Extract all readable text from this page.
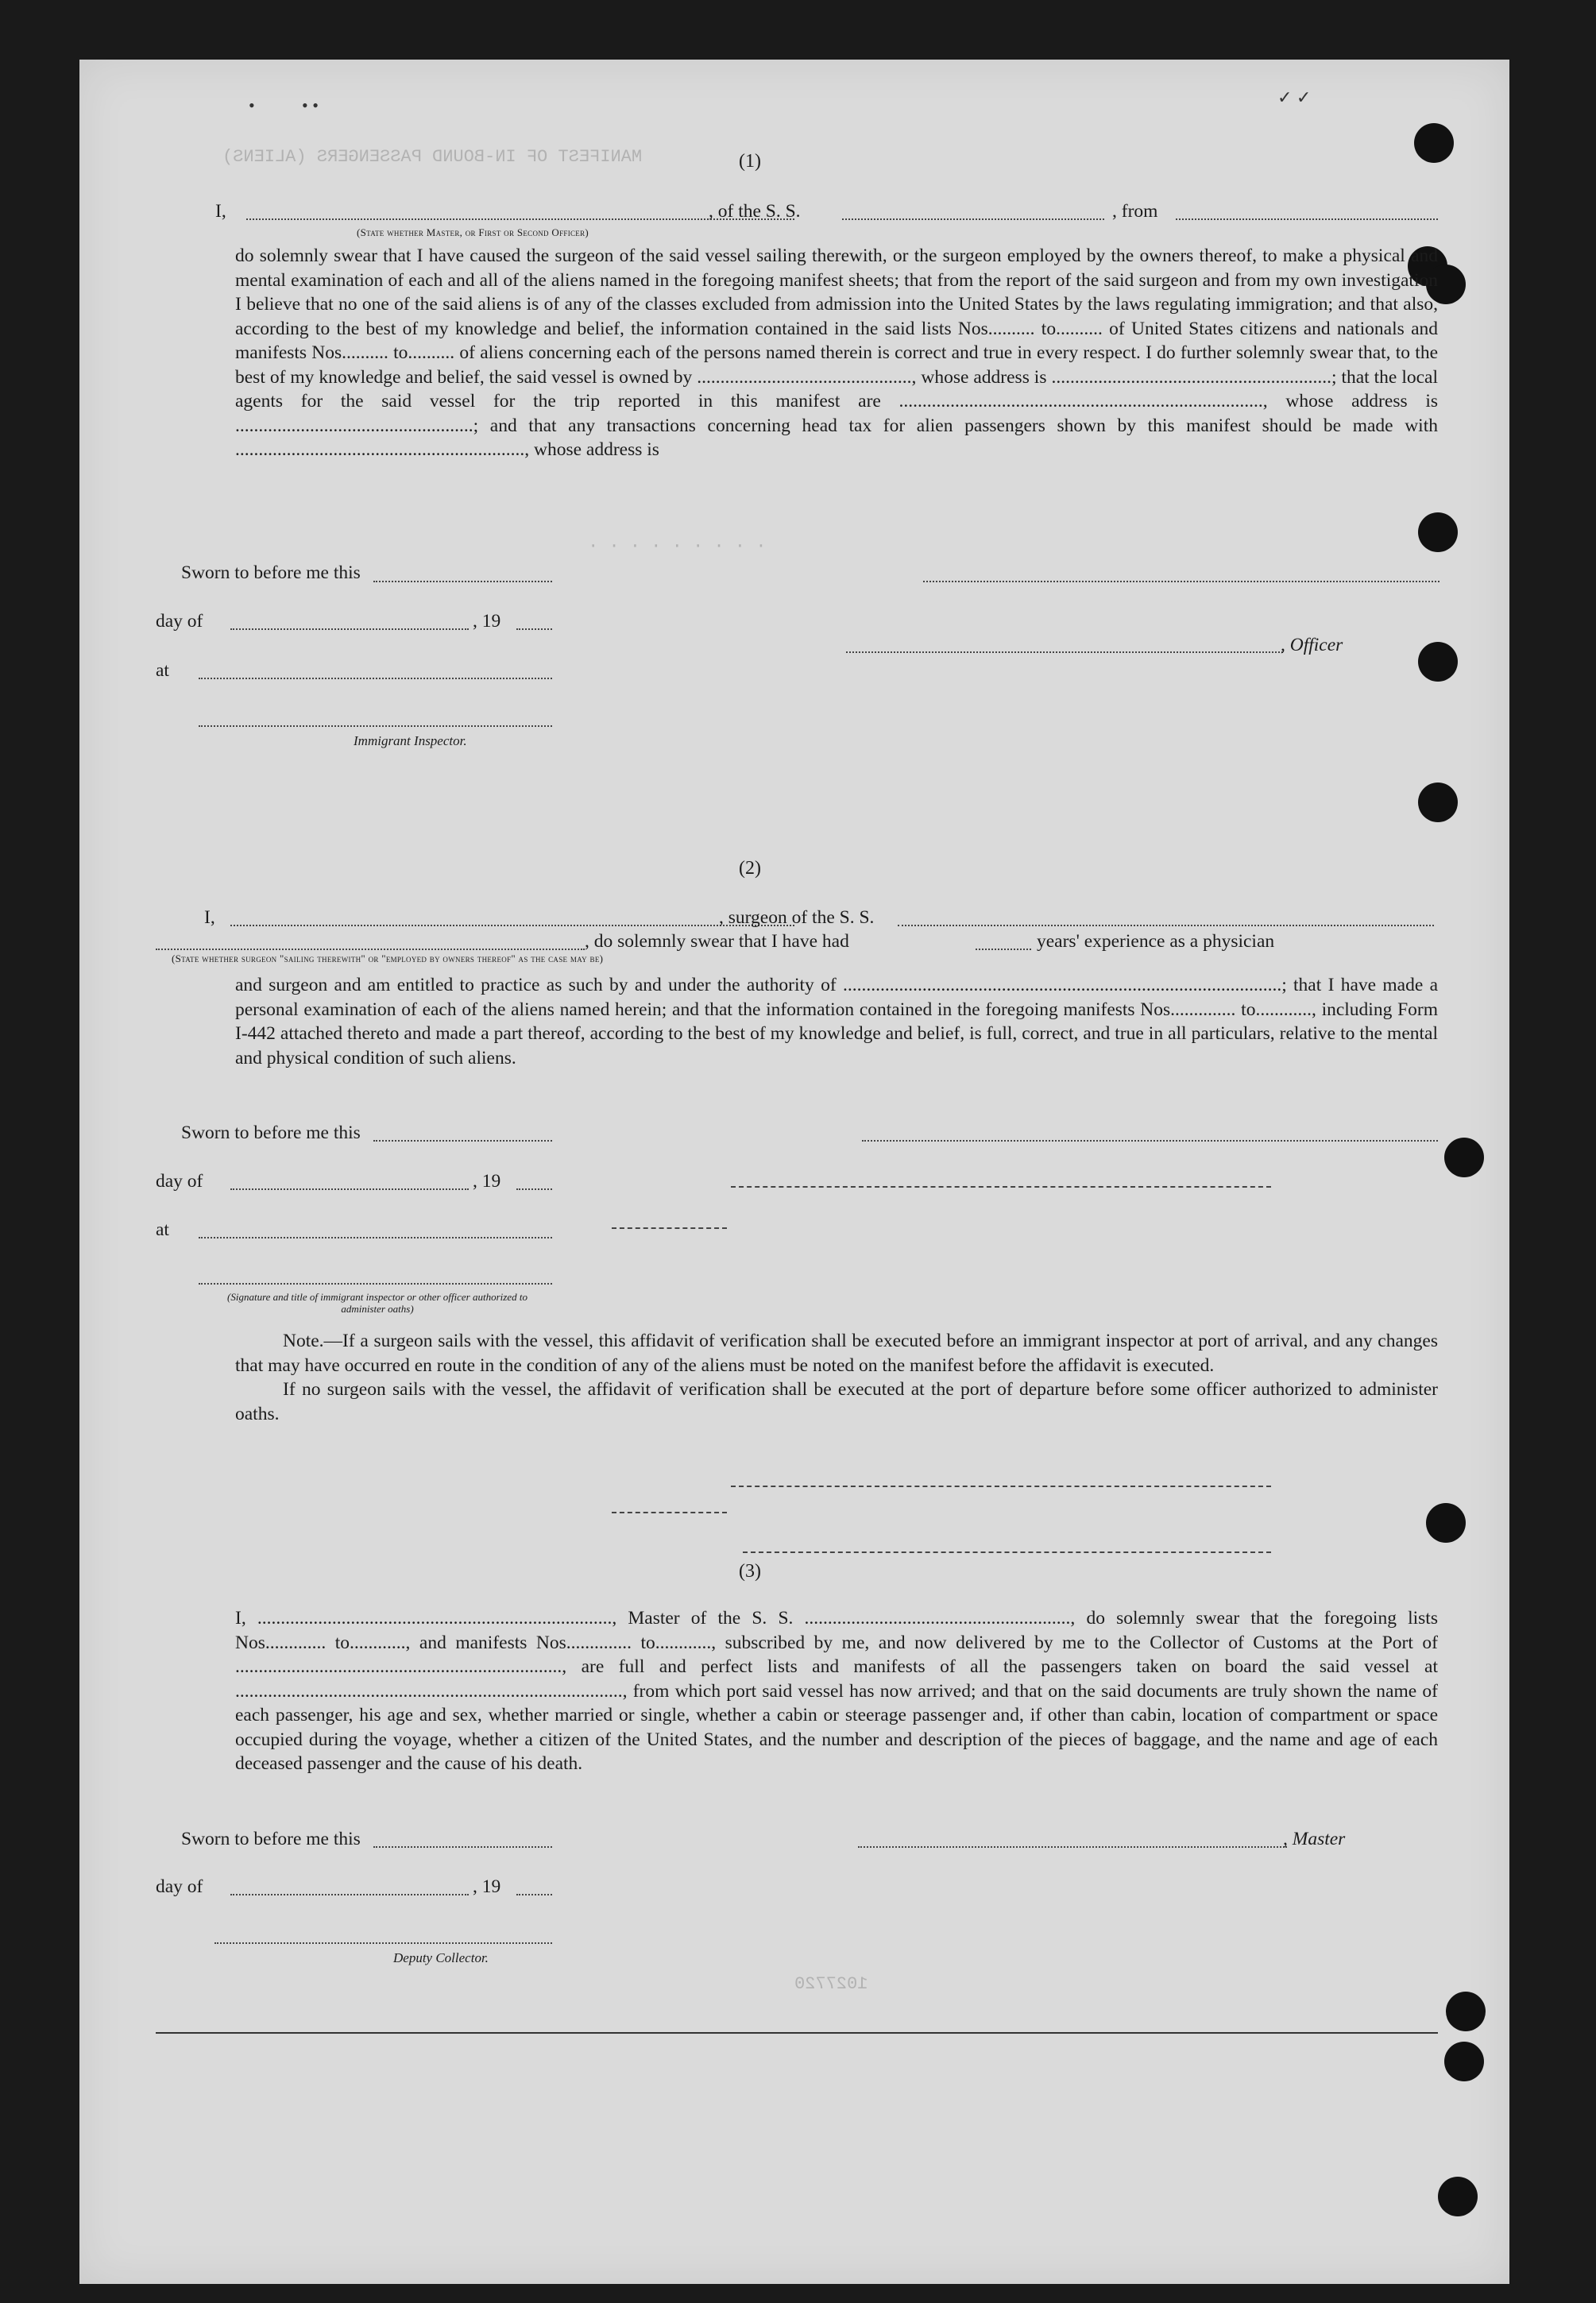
MANIFEST OF IN-BOUND PASSENGERS (ALIENS)
· · · · · · · · ·
1027720
(1)
I,	, of the S. S.	, from
(State whether Master, or First or Second Officer)

do solemnly swear that I have caused the surgeon of the said vessel sailing therewith, or the surgeon employed by the owners thereof, to make a physical and mental examination of each and all of the aliens named in the foregoing manifest sheets; that from the report of the said surgeon and from my own investigation I believe that no one of the said aliens is of any of the classes excluded from admission into the United States by the laws regulating immigration; and that also, according to the best of my knowledge and belief, the information contained in the said lists Nos.......... to.......... of United States citizens and nationals and manifests Nos.......... to.......... of aliens concerning each of the persons named therein is correct and true in every respect. I do further solemnly swear that, to the best of my knowledge and belief, the said vessel is owned by .............................................., whose address is ............................................................; that the local agents for the said vessel for the trip reported in this manifest are .............................................................................., whose address is ...................................................; and that any transactions concerning head tax for alien passengers shown by this manifest should be made with .............................................................., whose address is

Sworn to before me this
day of	, 19
, Officer
at
Immigrant Inspector.
(2)
I,	, surgeon of the S. S.
, do solemnly swear that I have had	years' experience as a physician
(State whether surgeon "sailing therewith" or "employed by owners thereof" as the case may be)

and surgeon and am entitled to practice as such by and under the authority of ..............................................................................................; that I have made a personal examination of each of the aliens named herein; and that the information contained in the foregoing manifests Nos.............. to............, including Form I-442 attached thereto and made a part thereof, according to the best of my knowledge and belief, is full, correct, and true in all particulars, relative to the mental and physical condition of such aliens.

Sworn to before me this
day of	, 19
at
(Signature and title of immigrant inspector or other officer authorized to administer oaths)

Note.—If a surgeon sails with the vessel, this affidavit of verification shall be executed before an immigrant inspector at port of arrival, and any changes that may have occurred en route in the condition of any of the aliens must be noted on the manifest before the affidavit is executed.

If no surgeon sails with the vessel, the affidavit of verification shall be executed at the port of departure before some officer authorized to administer oaths.

(3)

I, ............................................................................, Master of the S. S. ........................................................., do solemnly swear that the foregoing lists Nos............. to............, and manifests Nos.............. to............, subscribed by me, and now delivered by me to the Collector of Customs at the Port of ......................................................................, are full and perfect lists and manifests of all the passengers taken on board the said vessel at ..................................................................................., from which port said vessel has now arrived; and that on the said documents are truly shown the name of each passenger, his age and sex, whether married or single, whether a cabin or steerage passenger and, if other than cabin, location of compartment or space occupied during the voyage, whether a citizen of the United States, and the number and description of the pieces of baggage, and the name and age of each deceased passenger and the cause of his death.

Sworn to before me this	, Master
day of	, 19
Deputy Collector.
•	• •	✓ ✓
